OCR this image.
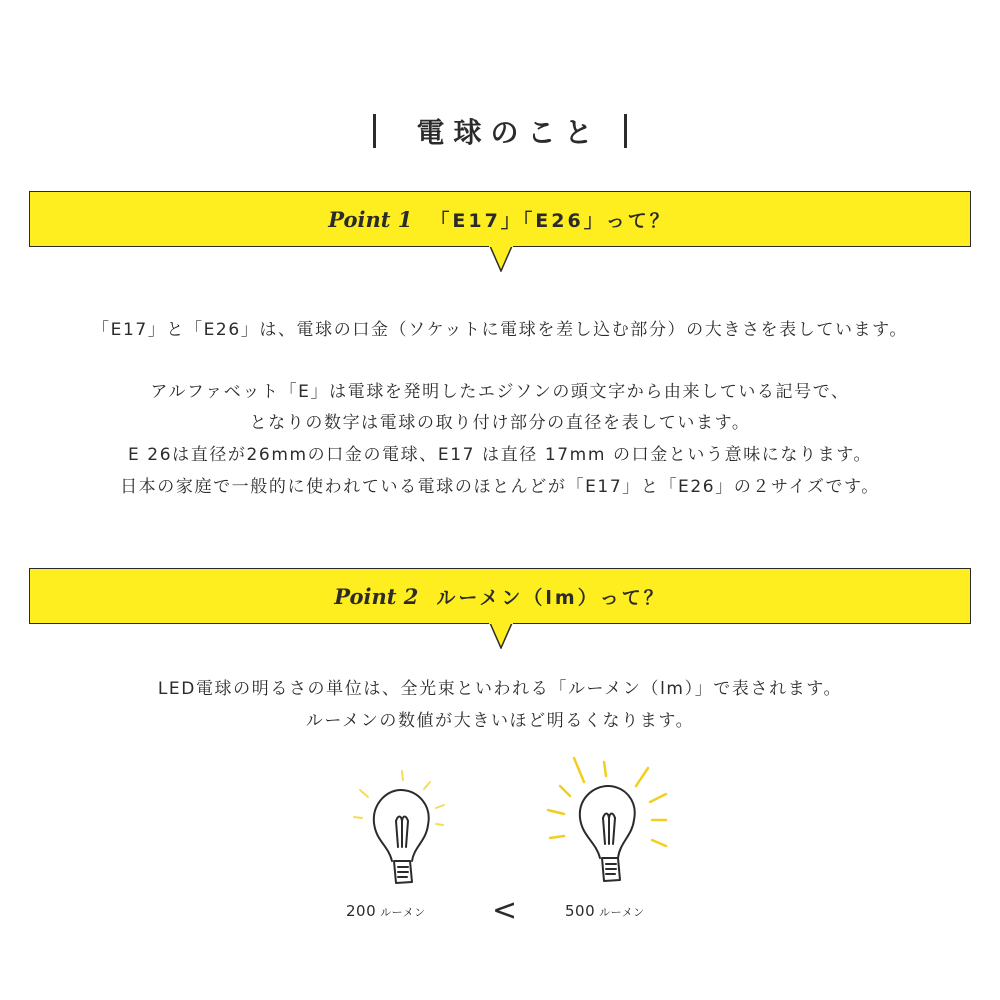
電球のこと
Point 1 「E17」「E26」って？
「E17」と「E26」は、電球の口金（ソケットに電球を差し込む部分）の大きさを表しています。
アルファベット「E」は電球を発明したエジソンの頭文字から由来している記号で、
となりの数字は電球の取り付け部分の直径を表しています。
E 26は直径が26mmの口金の電球、E17 は直径 17mm の口金という意味になります。
日本の家庭で一般的に使われている電球のほとんどが「E17」と「E26」の２サイズです。
Point 2 ルーメン（lm）って？
LED電球の明るさの単位は、全光束といわれる「ルーメン（lm）」で表されます。
ルーメンの数値が大きいほど明るくなります。
200 ルーメン <	500 ルーメン
